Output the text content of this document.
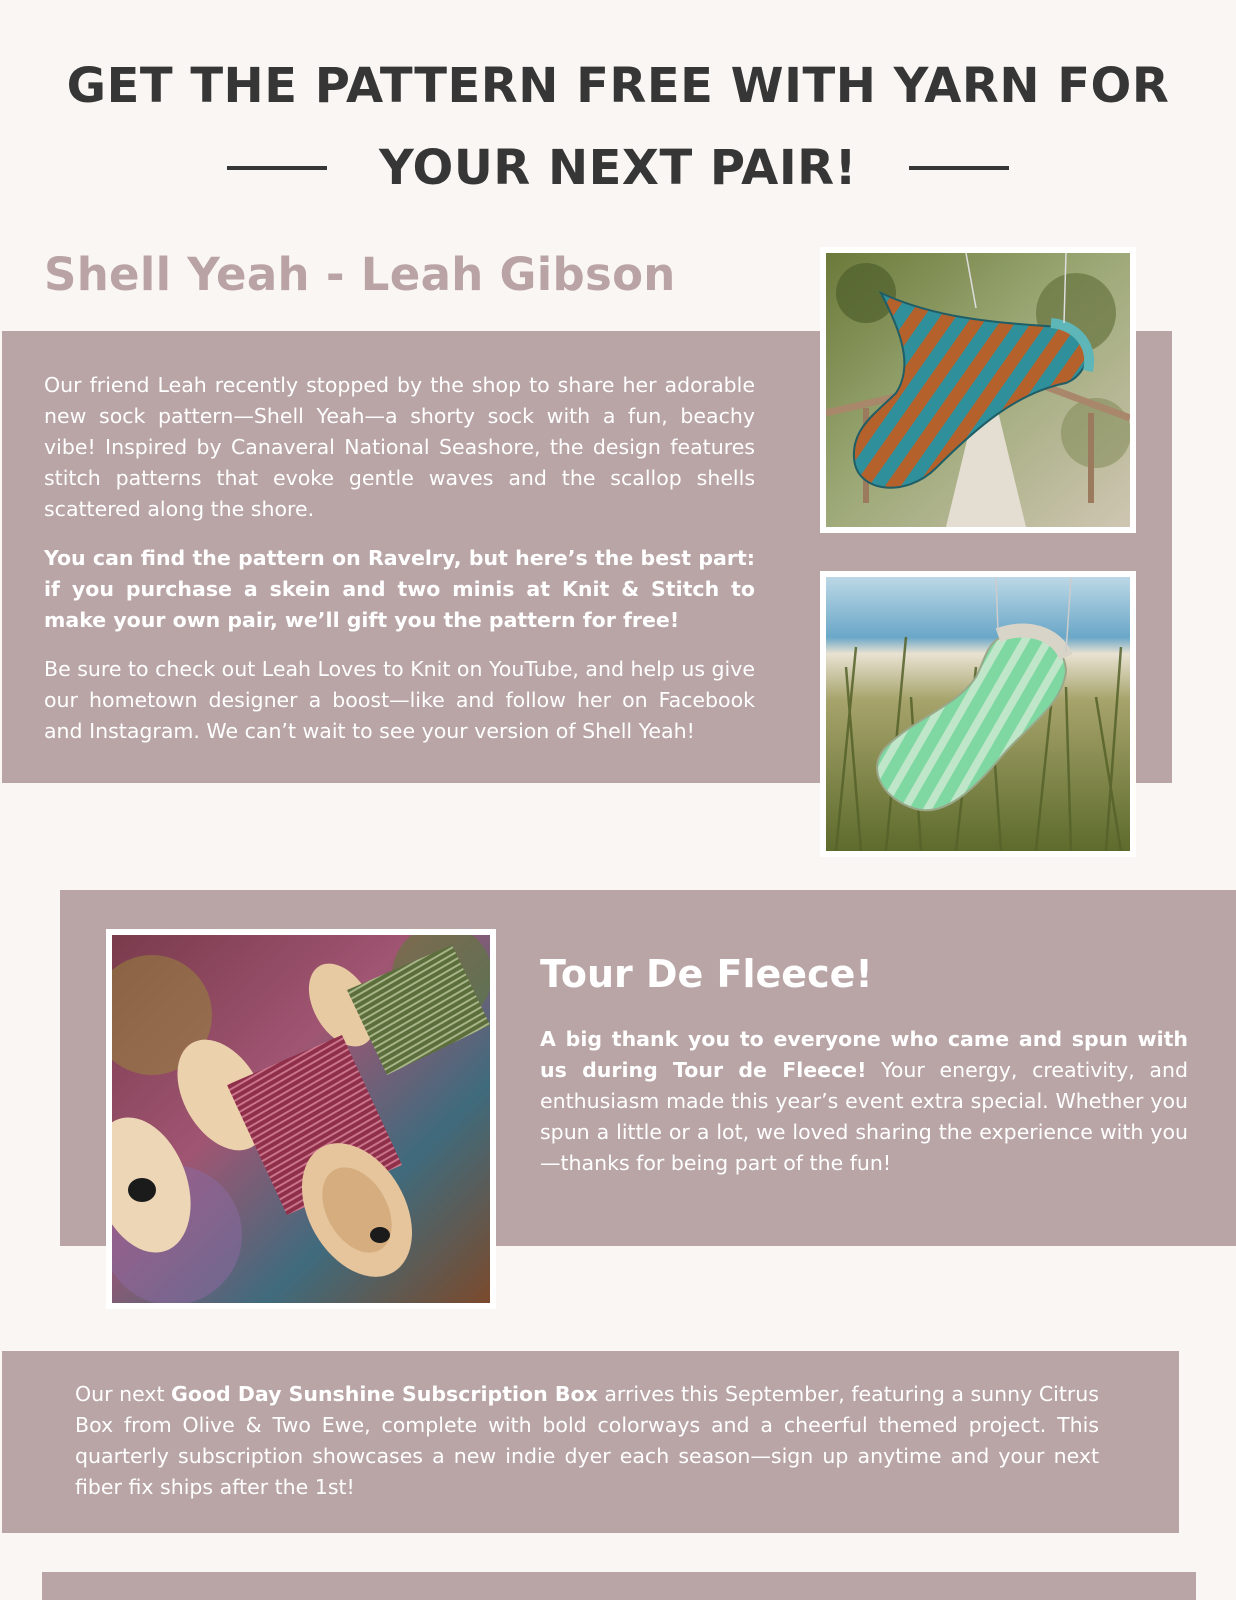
GET THE PATTERN FREE WITH YARN FOR
YOUR NEXT PAIR!
Shell Yeah - Leah Gibson

Our friend Leah recently stopped by the shop to share her adorable new sock pattern—Shell Yeah—a shorty sock with a fun, beachy vibe! Inspired by Canaveral National Seashore, the design features stitch patterns that evoke gentle waves and the scallop shells scattered along the shore.

You can find the pattern on Ravelry, but here’s the best part: if you purchase a skein and two minis at Knit & Stitch to make your own pair, we’ll gift you the pattern for free!

Be sure to check out Leah Loves to Knit on YouTube, and help us give our hometown designer a boost—like and follow her on Facebook and Instagram. We can’t wait to see your version of Shell Yeah!

Tour De Fleece!
A big thank you to everyone who came and spun with us during Tour de Fleece! Your energy, creativity, and enthusiasm made this year’s event extra special. Whether you spun a little or a lot, we loved sharing the experience with you—thanks for being part of the fun!
Our next Good Day Sunshine Subscription Box arrives this September, featuring a sunny Citrus Box from Olive & Two Ewe, complete with bold colorways and a cheerful themed project. This quarterly subscription showcases a new indie dyer each season—sign up anytime and your next fiber fix ships after the 1st!
